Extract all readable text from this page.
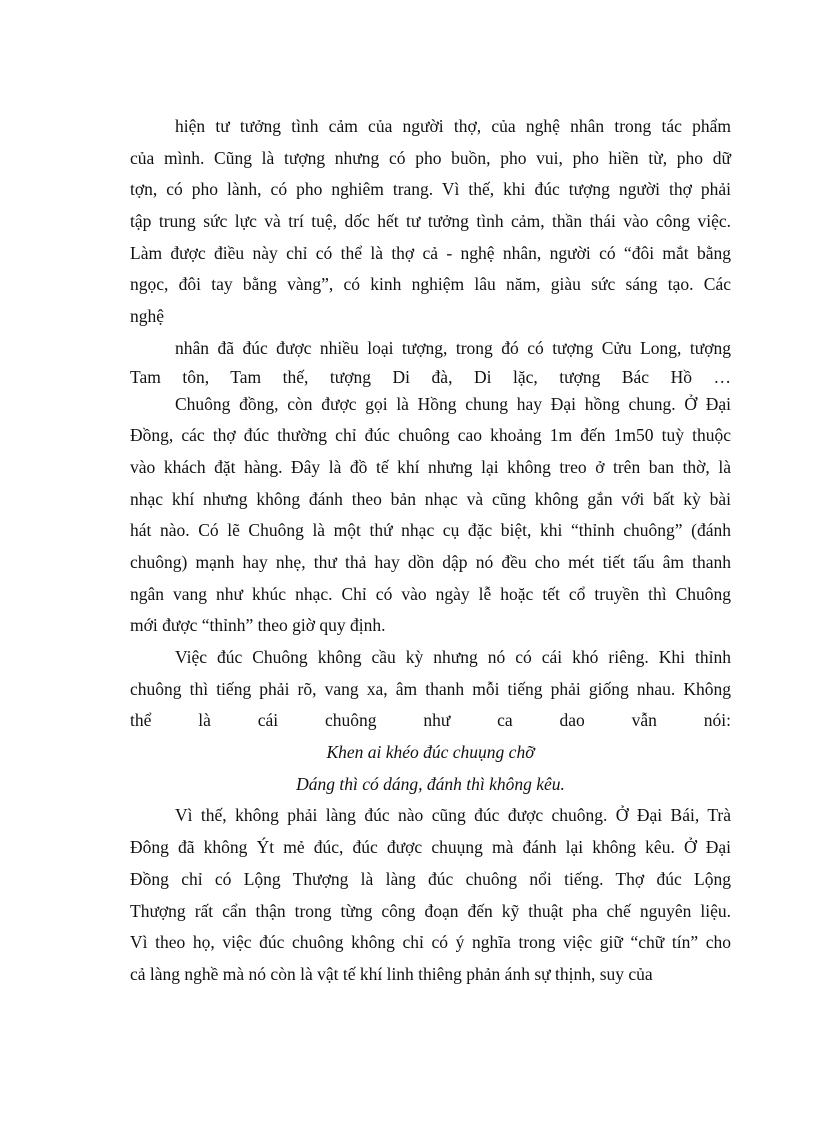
hiện tư tưởng tình cảm của người thợ, của nghệ nhân trong tác phẩm
của mình. Cũng là tượng nhưng có pho buồn, pho vui, pho hiền từ, pho dữ
tợn, có pho lành, có pho nghiêm trang. Vì thế, khi đúc tượng người thợ phải
tập trung sức lực và trí tuệ, dốc hết tư tưởng tình cảm, thần thái vào công việc.
Làm được điều này chỉ có thể là thợ cả - nghệ nhân, người có “đôi mắt bằng
ngọc, đôi tay bằng vàng”, có kinh nghiệm lâu năm, giàu sức sáng tạo. Các
nghệ
nhân đã đúc được nhiều loại tượng, trong đó có tượng Cửu Long, tượng
Tam tôn, Tam thế, tượng Di đà, Di lặc, tượng Bác Hồ …
Chuông đồng, còn được gọi là Hồng chung hay Đại hồng chung. Ở Đại
Đồng, các thợ đúc thường chỉ đúc chuông cao khoảng 1m đến 1m50 tuỳ thuộc
vào khách đặt hàng. Đây là đồ tế khí nhưng lại không treo ở trên ban thờ, là
nhạc khí nhưng không đánh theo bản nhạc và cũng không gắn với bất kỳ bài
hát nào. Có lẽ Chuông là một thứ nhạc cụ đặc biệt, khi “thỉnh chuông” (đánh
chuông) mạnh hay nhẹ, thư thả hay dồn dập nó đều cho mét tiết tấu âm thanh
ngân vang như khúc nhạc. Chỉ có vào ngày lễ hoặc tết cổ truyền thì Chuông
mới được “thỉnh” theo giờ quy định.
Việc đúc Chuông không cầu kỳ nhưng nó có cái khó riêng. Khi thỉnh
chuông thì tiếng phải rõ, vang xa, âm thanh mỗi tiếng phải giống nhau. Không
thể là cái chuông như ca dao vẫn nói:
Khen ai khéo đúc chuụng chỡ
Dáng thì có dáng, đánh thì không kêu.
Vì thế, không phải làng đúc nào cũng đúc được chuông. Ở Đại Bái, Trà
Đông đã không Ýt mẻ đúc, đúc được chuụng mà đánh lại không kêu. Ở Đại
Đồng chỉ có Lộng Thượng là làng đúc chuông nổi tiếng. Thợ đúc Lộng
Thượng rất cẩn thận trong từng công đoạn đến kỹ thuật pha chế nguyên liệu.
Vì theo họ, việc đúc chuông không chỉ có ý nghĩa trong việc giữ “chữ tín” cho
cả làng nghề mà nó còn là vật tế khí linh thiêng phản ánh sự thịnh, suy của
